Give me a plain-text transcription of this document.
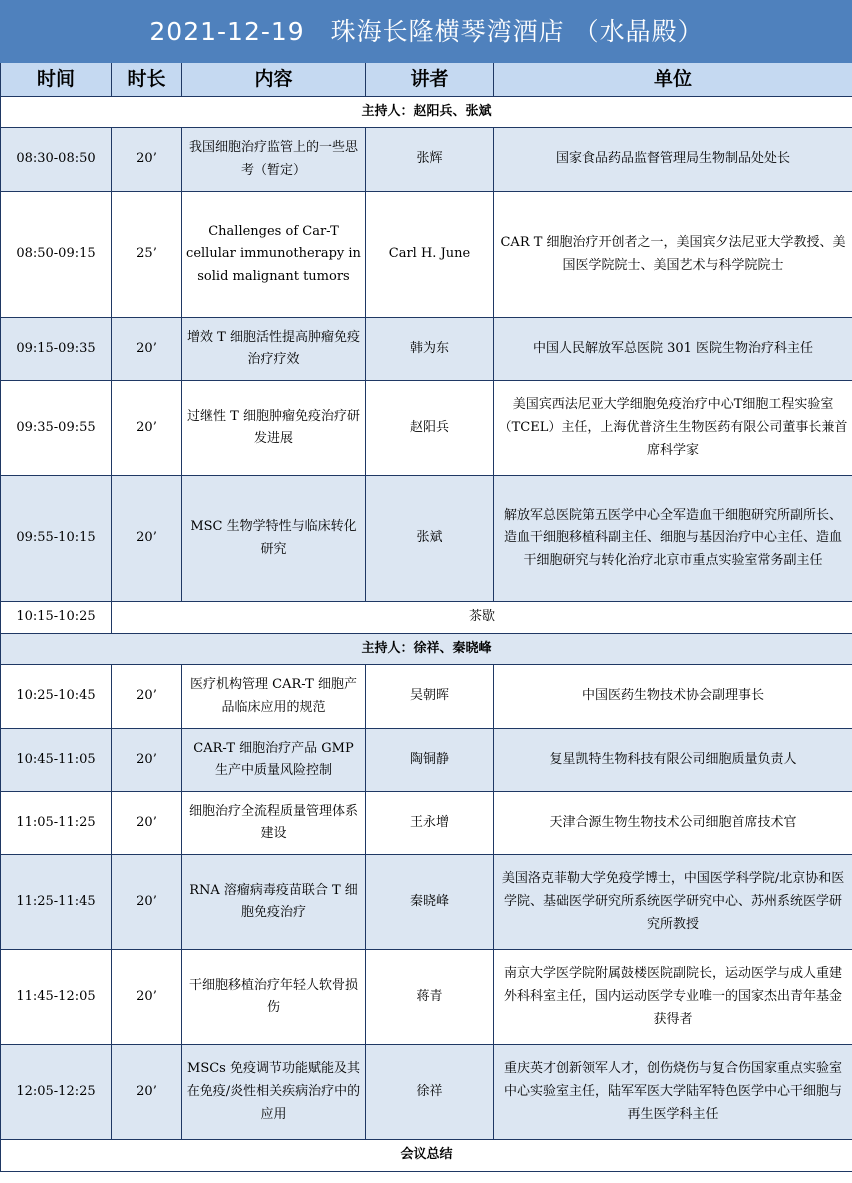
2021-12-19　珠海长隆横琴湾酒店 （水晶殿）				
时间	时长	内容	讲者	单位
主持人：赵阳兵、张斌				
08:30-08:50	20’	我国细胞治疗监管上的一些思考（暂定）	张辉	国家食品药品监督管理局生物制品处处长
08:50-09:15	25’	Challenges of Car-T cellular immunotherapy in solid malignant tumors	Carl H. June	CAR T 细胞治疗开创者之一，美国宾夕法尼亚大学教授、美国医学院院士、美国艺术与科学院院士
09:15-09:35	20’	增效 T 细胞活性提高肿瘤免疫治疗疗效	韩为东	中国人民解放军总医院 301 医院生物治疗科主任
09:35-09:55	20’	过继性 T 细胞肿瘤免疫治疗研发进展	赵阳兵	美国宾西法尼亚大学细胞免疫治疗中心T细胞工程实验室（TCEL）主任，上海优普济生生物医药有限公司董事长兼首席科学家
09:55-10:15	20’	MSC 生物学特性与临床转化研究	张斌	解放军总医院第五医学中心全军造血干细胞研究所副所长、造血干细胞移植科副主任、细胞与基因治疗中心主任、造血干细胞研究与转化治疗北京市重点实验室常务副主任
10:15-10:25	茶歇			
主持人：徐祥、秦晓峰				
10:25-10:45	20’	医疗机构管理 CAR-T 细胞产品临床应用的规范	吴朝晖	中国医药生物技术协会副理事长
10:45-11:05	20’	CAR-T 细胞治疗产品 GMP 生产中质量风险控制	陶铜静	复星凯特生物科技有限公司细胞质量负责人
11:05-11:25	20’	细胞治疗全流程质量管理体系建设	王永增	天津合源生物生物技术公司细胞首席技术官
11:25-11:45	20’	RNA 溶瘤病毒疫苗联合 T 细胞免疫治疗	秦晓峰	美国洛克菲勒大学免疫学博士，中国医学科学院/北京协和医学院、基础医学研究所系统医学研究中心、苏州系统医学研究所教授
11:45-12:05	20’	干细胞移植治疗年轻人软骨损伤	蒋青	南京大学医学院附属鼓楼医院副院长，运动医学与成人重建外科科室主任，国内运动医学专业唯一的国家杰出青年基金获得者
12:05-12:25	20’	MSCs 免疫调节功能赋能及其在免疫/炎性相关疾病治疗中的应用	徐祥	重庆英才创新领军人才，创伤烧伤与复合伤国家重点实验室中心实验室主任，陆军军医大学陆军特色医学中心干细胞与再生医学科主任
会议总结				
